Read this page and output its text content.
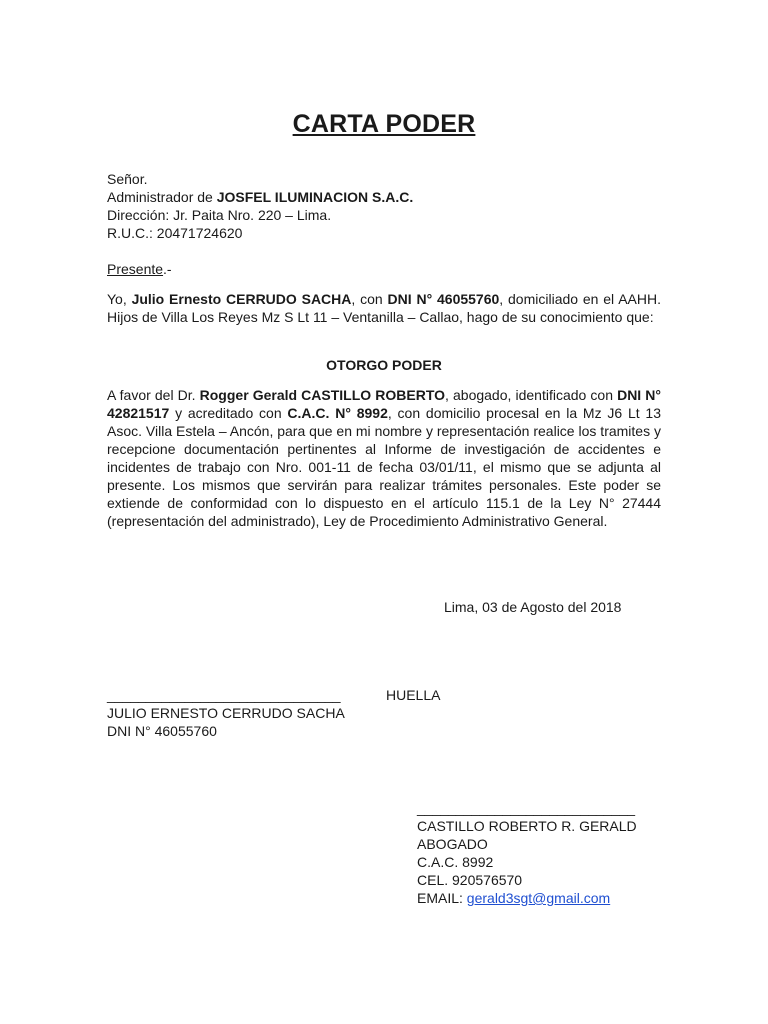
CARTA PODER
Señor.
Administrador de JOSFEL ILUMINACION S.A.C.
Dirección: Jr. Paita Nro. 220 – Lima.
R.U.C.: 20471724620
Presente.-
Yo, Julio Ernesto CERRUDO SACHA, con DNI N° 46055760, domiciliado en el AAHH. Hijos de Villa Los Reyes Mz S Lt 11 – Ventanilla – Callao, hago de su conocimiento que:
OTORGO PODER
A favor del Dr. Rogger Gerald CASTILLO ROBERTO, abogado, identificado con DNI N° 42821517 y acreditado con C.A.C. N° 8992, con domicilio procesal en la Mz J6 Lt 13 Asoc. Villa Estela – Ancón, para que en mi nombre y representación realice los tramites y recepcione documentación pertinentes al Informe de investigación de accidentes e incidentes de trabajo con Nro. 001-11 de fecha 03/01/11, el mismo que se adjunta al presente. Los mismos que servirán para realizar trámites personales. Este poder se extiende de conformidad con lo dispuesto en el artículo 115.1 de la Ley N° 27444 (representación del administrado), Ley de Procedimiento Administrativo General.
Lima, 03 de Agosto del 2018
______________________________	HUELLA
JULIO ERNESTO CERRUDO SACHA
DNI N° 46055760
____________________________
CASTILLO ROBERTO R. GERALD
ABOGADO
C.A.C. 8992
CEL. 920576570
EMAIL: gerald3sgt@gmail.com
